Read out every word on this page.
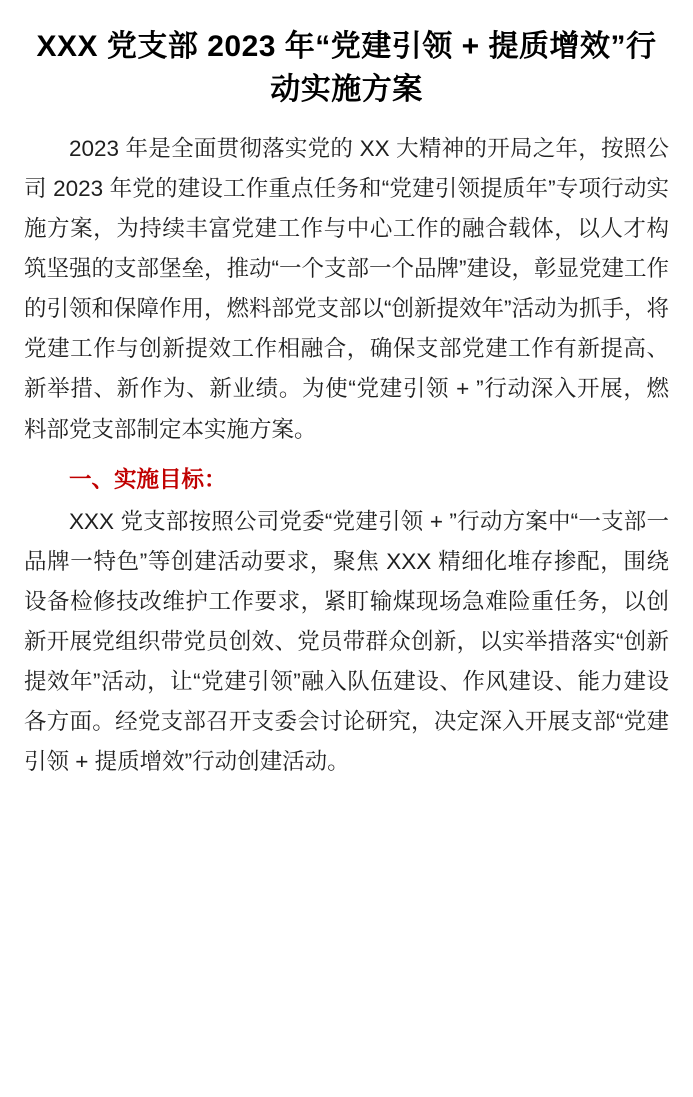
XXX 党支部 2023 年“党建引领 + 提质增效”行动实施方案

2023 年是全面贯彻落实党的 XX 大精神的开局之年，按照公司 2023 年党的建设工作重点任务和“党建引领提质年”专项行动实施方案，为持续丰富党建工作与中心工作的融合载体，以人才构筑坚强的支部堡垒，推动“一个支部一个品牌”建设，彰显党建工作的引领和保障作用，燃料部党支部以“创新提效年”活动为抓手，将党建工作与创新提效工作相融合，确保支部党建工作有新提高、新举措、新作为、新业绩。为使“党建引领 + ”行动深入开展，燃料部党支部制定本实施方案。

一、实施目标：

XXX 党支部按照公司党委“党建引领 + ”行动方案中“一支部一品牌一特色”等创建活动要求，聚焦 XXX 精细化堆存掺配，围绕设备检修技改维护工作要求，紧盯输煤现场急难险重任务，以创新开展党组织带党员创效、党员带群众创新，以实举措落实“创新提效年”活动，让“党建引领”融入队伍建设、作风建设、能力建设各方面。经党支部召开支委会讨论研究，决定深入开展支部“党建引领 + 提质增效”行动创建活动。
